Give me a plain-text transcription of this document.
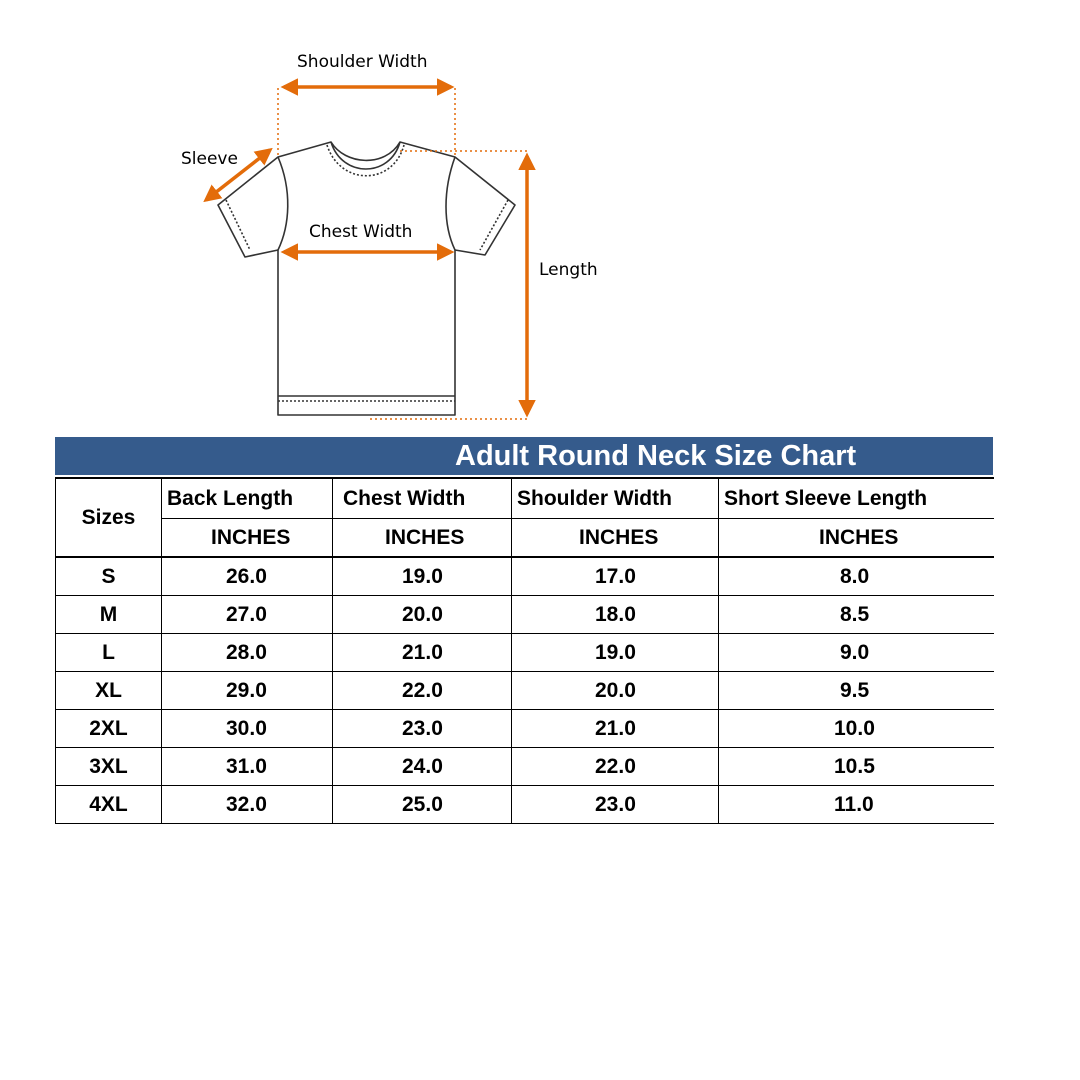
Shoulder Width
Sleeve
Chest Width
Length
Adult Round Neck Size Chart
Sizes	Back Length	Chest Width	Shoulder Width	Short Sleeve Length
	INCHES	INCHES	INCHES	INCHES
S	26.0	19.0	17.0	8.0
M	27.0	20.0	18.0	8.5
L	28.0	21.0	19.0	9.0
XL	29.0	22.0	20.0	9.5
2XL	30.0	23.0	21.0	10.0
3XL	31.0	24.0	22.0	10.5
4XL	32.0	25.0	23.0	11.0
